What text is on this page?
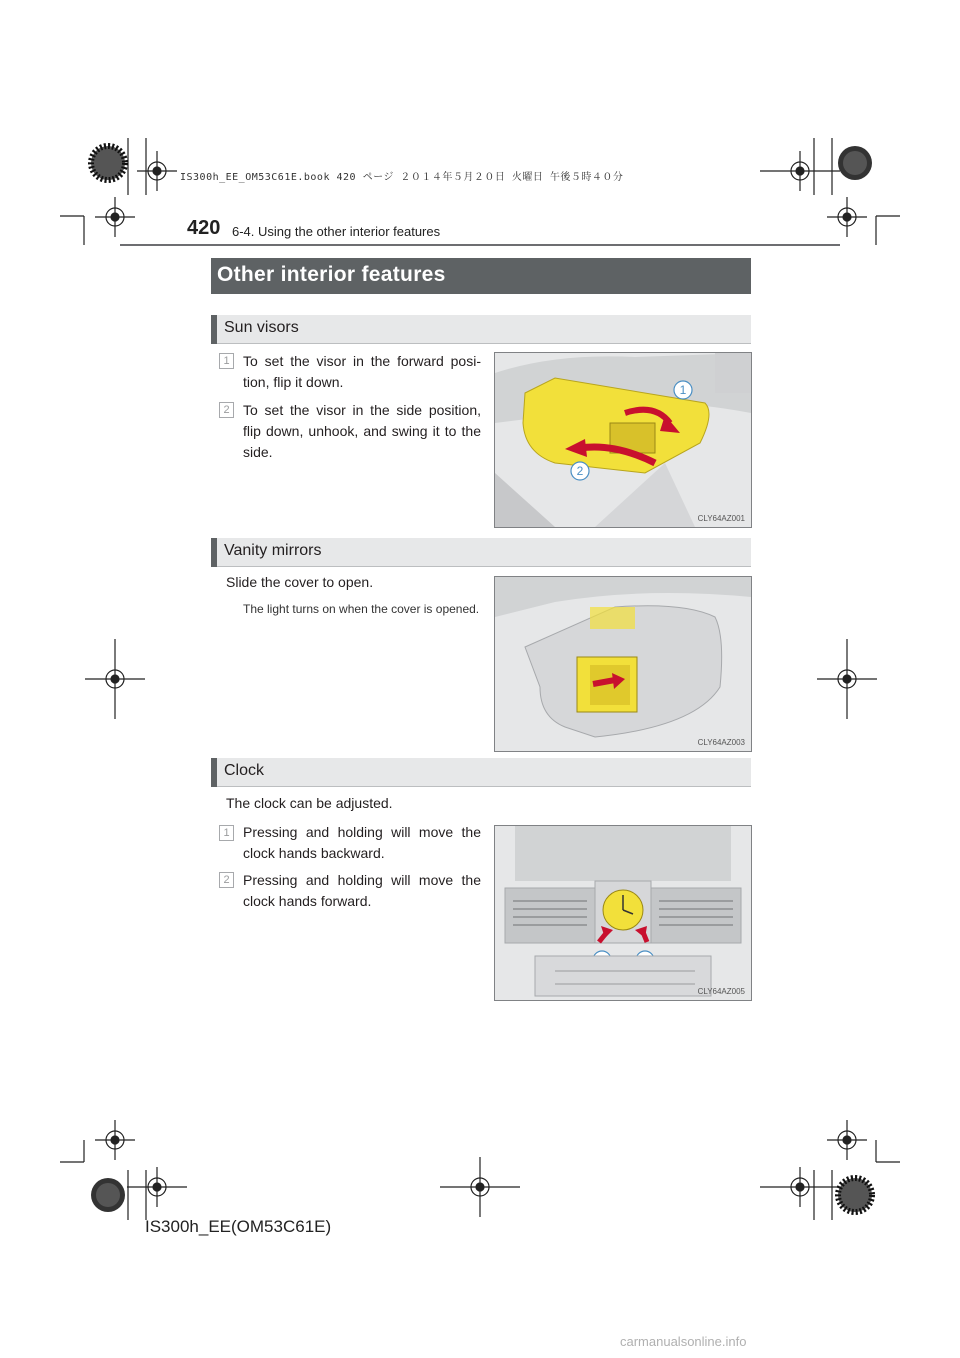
IS300h_EE_OM53C61E.book 420 ページ ２０１４年５月２０日 火曜日 午後５時４０分
420 6-4. Using the other interior features
Other interior features
Sun visors
1 To set the visor in the forward posi-tion, flip it down.
2 To set the visor in the side position, flip down, unhook, and swing it to the side.
1
2
CLY64AZ001
Vanity mirrors
Slide the cover to open.
The light turns on when the cover is opened.
CLY64AZ003
Clock
The clock can be adjusted.
1 Pressing and holding will move the clock hands backward.
2 Pressing and holding will move the clock hands forward.
CLY64AZ005
IS300h_EE(OM53C61E)
carmanualsonline.info
